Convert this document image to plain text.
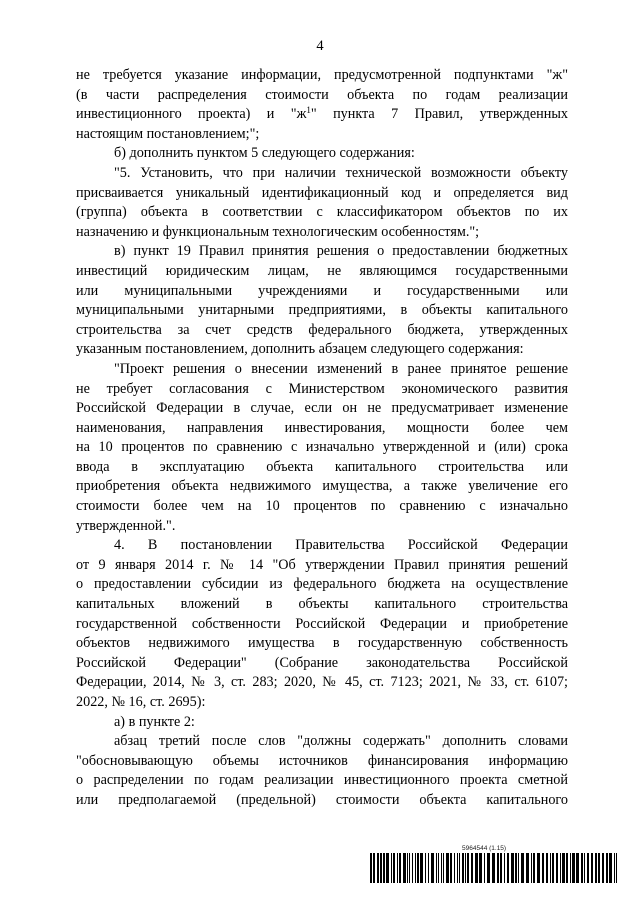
4

не требуется указание информации, предусмотренной подпунктами "ж"

(в части распределения стоимости объекта по годам реализации

инвестиционного проекта) и "$ж^1$" пункта 7 Правил, утвержденных

настоящим постановлением;";

б) дополнить пунктом 5 следующего содержания:

"5. Установить, что при наличии технической возможности объекту

присваивается уникальный идентификационный код и определяется вид

(группа) объекта в соответствии с классификатором объектов по их

назначению и функциональным технологическим особенностям.";

в) пункт 19 Правил принятия решения о предоставлении бюджетных

инвестиций юридическим лицам, не являющимся государственными

или муниципальными учреждениями и государственными или

муниципальными унитарными предприятиями, в объекты капитального

строительства за счет средств федерального бюджета, утвержденных

указанным постановлением, дополнить абзацем следующего содержания:

"Проект решения о внесении изменений в ранее принятое решение

не требует согласования с Министерством экономического развития

Российской Федерации в случае, если он не предусматривает изменение

наименования, направления инвестирования, мощности более чем

на 10 процентов по сравнению с изначально утвержденной и (или) срока

ввода в эксплуатацию объекта капитального строительства или

приобретения объекта недвижимого имущества, а также увеличение его

стоимости более чем на 10 процентов по сравнению с изначально

утвержденной.".

4. В постановлении Правительства Российской Федерации

от 9 января 2014 г. № 14 "Об утверждении Правил принятия решений

о предоставлении субсидии из федерального бюджета на осуществление

капитальных вложений в объекты капитального строительства

государственной собственности Российской Федерации и приобретение

объектов недвижимого имущества в государственную собственность

Российской Федерации" (Собрание законодательства Российской

Федерации, 2014, № 3, ст. 283; 2020, № 45, ст. 7123; 2021, № 33, ст. 6107;

2022, № 16, ст. 2695):

а) в пункте 2:

абзац третий после слов "должны содержать" дополнить словами

"обосновывающую объемы источников финансирования информацию

о распределении по годам реализации инвестиционного проекта сметной

или предполагаемой (предельной) стоимости объекта капитального

5964544 (1.15)
